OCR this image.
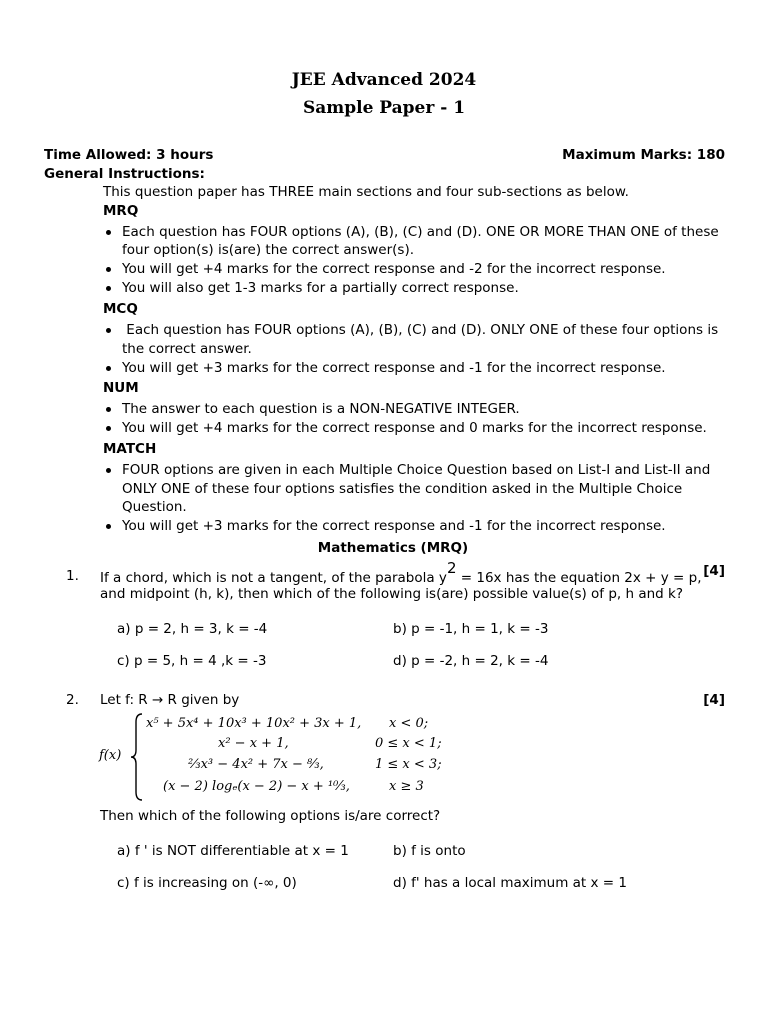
JEE Advanced 2024
Sample Paper - 1
Time Allowed: 3 hours	Maximum Marks: 180
General Instructions:
This question paper has THREE main sections and four sub-sections as below.
MRQ
Each question has FOUR options (A), (B), (C) and (D). ONE OR MORE THAN ONE of these
four option(s) is(are) the correct answer(s).
You will get +4 marks for the correct response and -2 for the incorrect response.
You will also get 1-3 marks for a partially correct response.
MCQ
Each question has FOUR options (A), (B), (C) and (D). ONLY ONE of these four options is
the correct answer.
You will get +3 marks for the correct response and -1 for the incorrect response.
NUM
The answer to each question is a NON-NEGATIVE INTEGER.
You will get +4 marks for the correct response and 0 marks for the incorrect response.
MATCH
FOUR options are given in each Multiple Choice Question based on List-I and List-II and
ONLY ONE of these four options satisfies the condition asked in the Multiple Choice
Question.
You will get +3 marks for the correct response and -1 for the incorrect response.
Mathematics (MRQ)
1. If a chord, which is not a tangent, of the parabola $y^2 = 16x$ has the equation 2x + y = p, [4]
and midpoint (h, k), then which of the following is(are) possible value(s) of p, h and k?
a) p = 2, h = 3, k = -4	b) p = -1, h = 1, k = -3
c) p = 5, h = 4 ,k = -3	d) p = -2, h = 2, k = -4
2. Let f: R → R given by	[4]
f(x)
x⁵ + 5x⁴ + 10x³ + 10x² + 3x + 1, x < 0;
x² − x + 1,	0 ≤ x < 1;
⅔x³ − 4x² + 7x − ⁸⁄₃,	1 ≤ x < 3;
(x − 2) logₑ(x − 2) − x + ¹⁰⁄₃,	x ≥ 3
Then which of the following options is/are correct?
a) f ' is NOT differentiable at x = 1	b) f is onto
c) f is increasing on (-∞, 0)	d) f' has a local maximum at x = 1
